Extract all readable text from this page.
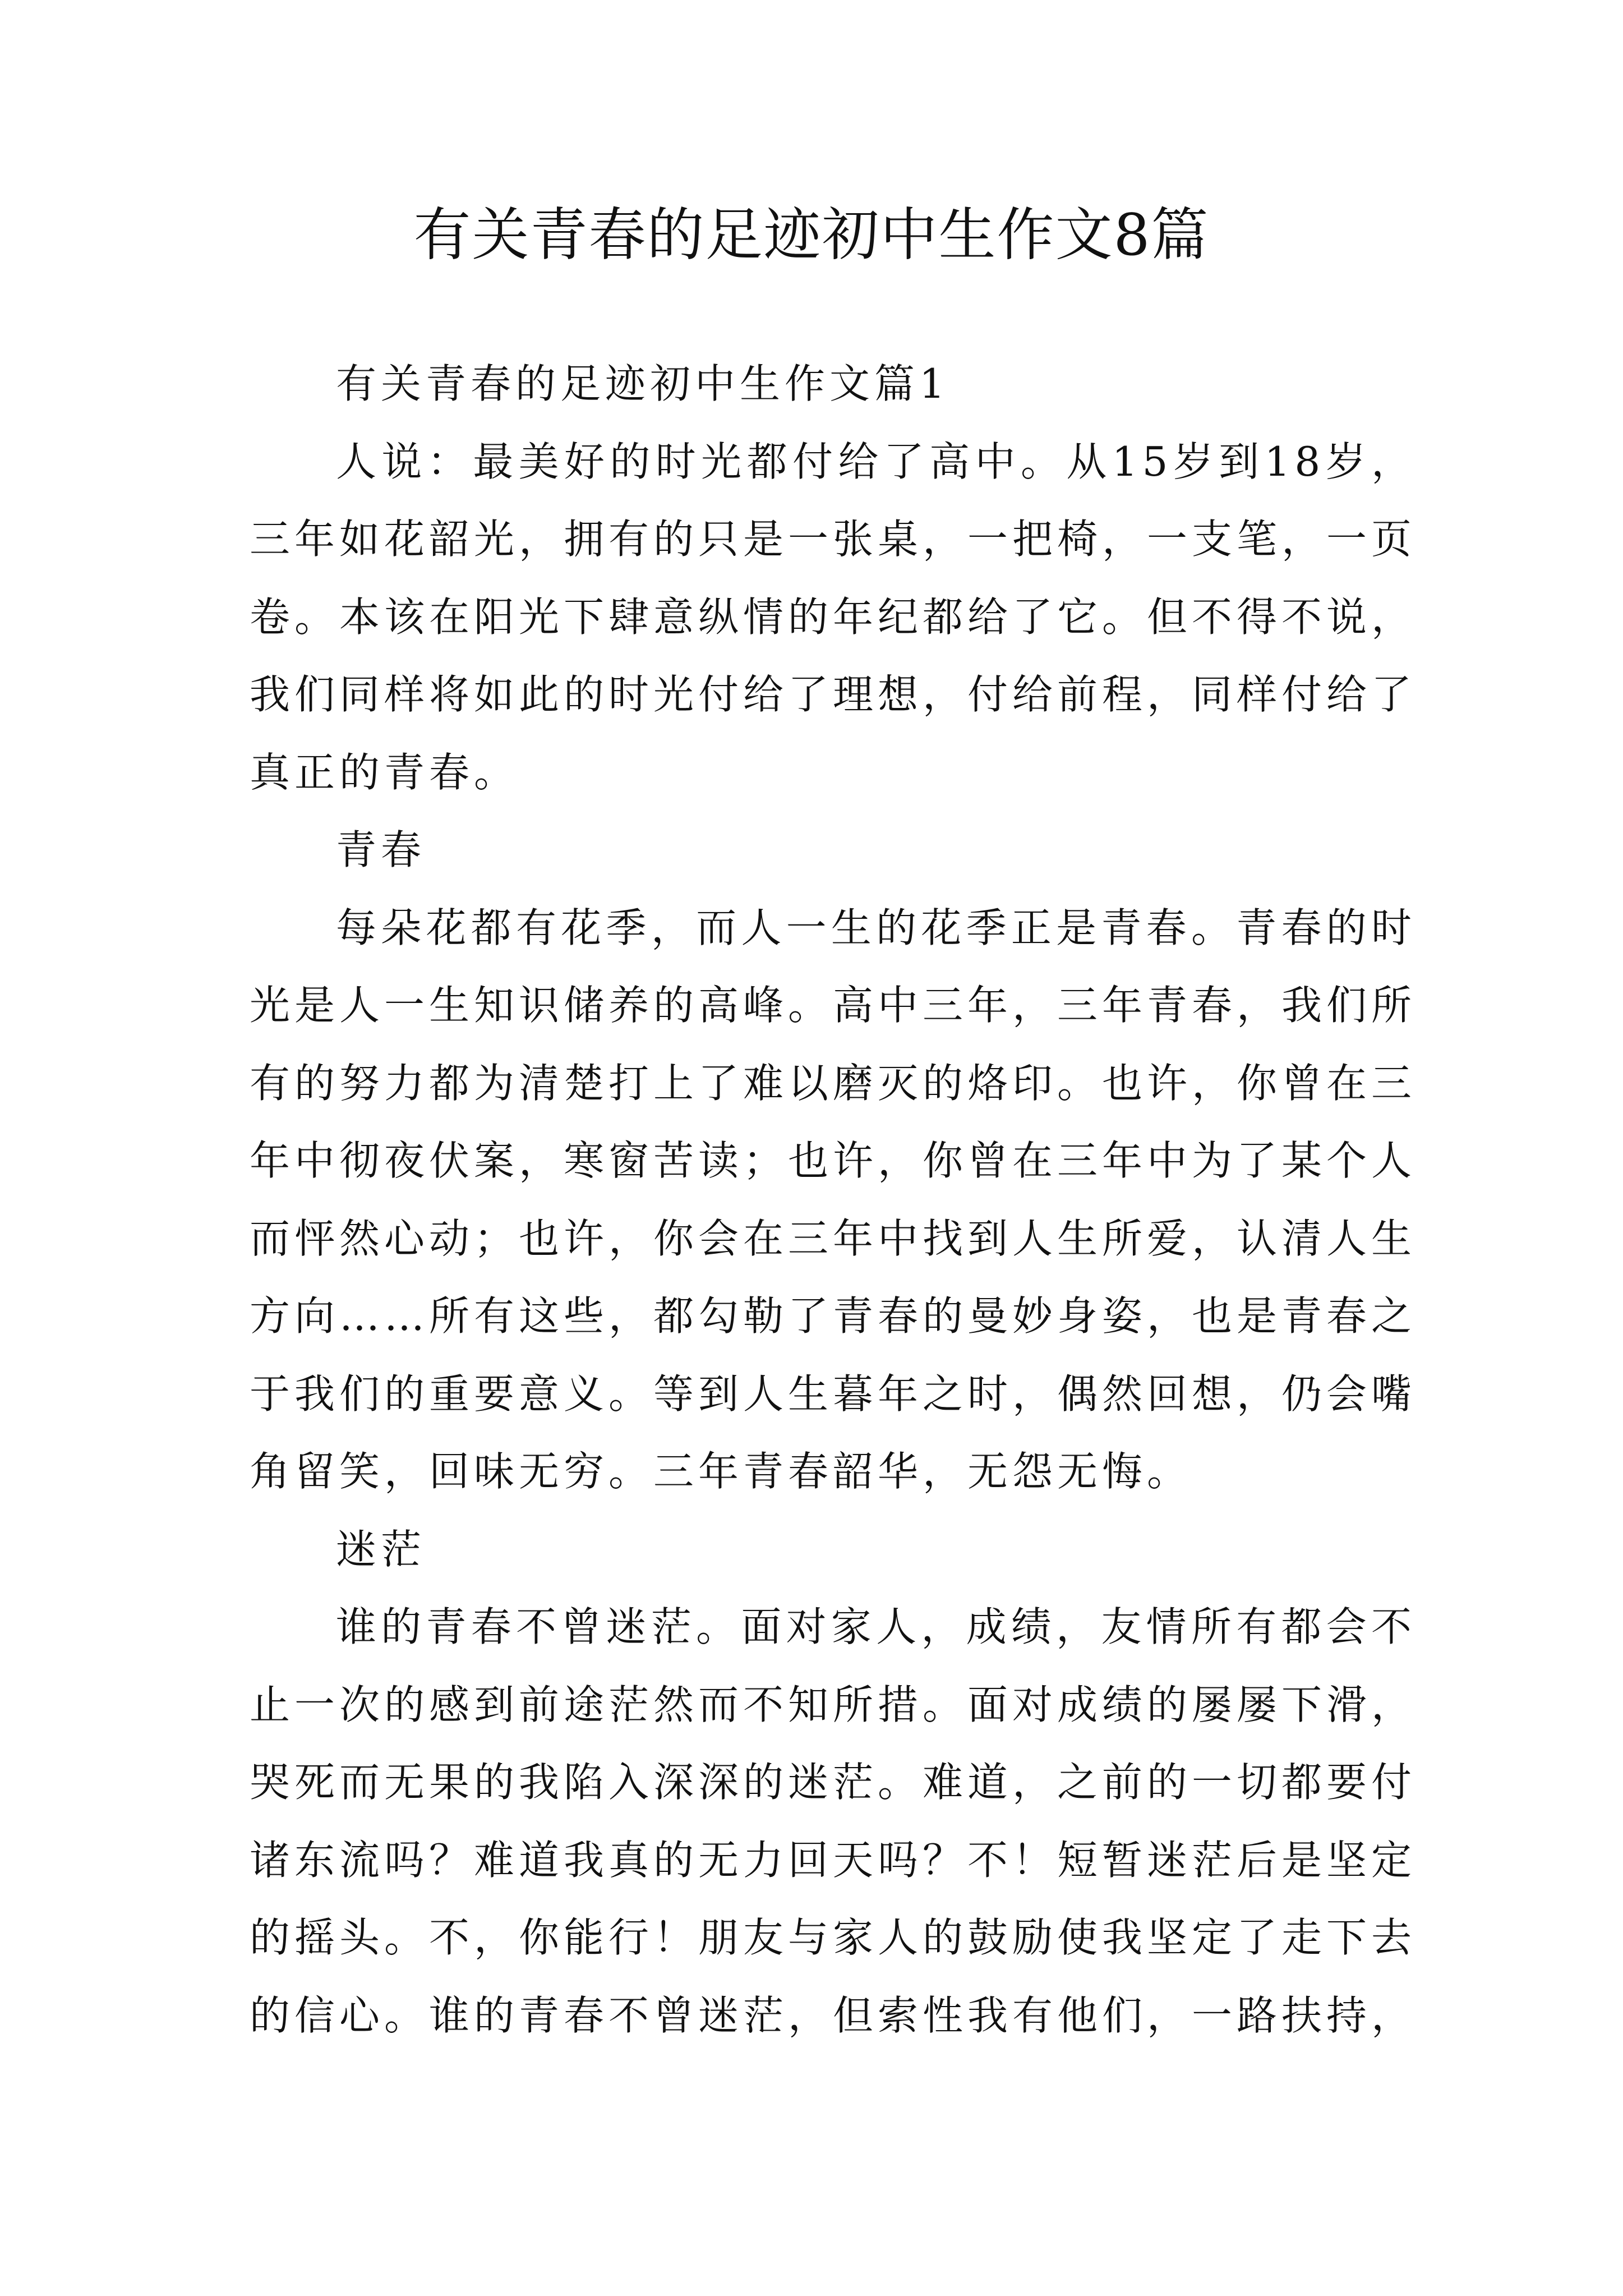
有关青春的足迹初中生作文8篇

有关青春的足迹初中生作文篇1

人说：最美好的时光都付给了高中。从15岁到18岁，三年如花韶光，拥有的只是一张桌，一把椅，一支笔，一页卷。本该在阳光下肆意纵情的年纪都给了它。但不得不说，我们同样将如此的时光付给了理想，付给前程，同样付给了真正的青春。

青春

每朵花都有花季，而人一生的花季正是青春。青春的时光是人一生知识储养的高峰。高中三年，三年青春，我们所有的努力都为清楚打上了难以磨灭的烙印。也许，你曾在三年中彻夜伏案，寒窗苦读；也许，你曾在三年中为了某个人而怦然心动；也许，你会在三年中找到人生所爱，认清人生方向……所有这些，都勾勒了青春的曼妙身姿，也是青春之于我们的重要意义。等到人生暮年之时，偶然回想，仍会嘴角留笑，回味无穷。三年青春韶华，无怨无悔。

迷茫

谁的青春不曾迷茫。面对家人，成绩，友情所有都会不止一次的感到前途茫然而不知所措。面对成绩的屡屡下滑，哭死而无果的我陷入深深的迷茫。难道，之前的一切都要付诸东流吗？难道我真的无力回天吗？不！短暂迷茫后是坚定的摇头。不，你能行！朋友与家人的鼓励使我坚定了走下去的信心。谁的青春不曾迷茫，但索性我有他们，一路扶持，
